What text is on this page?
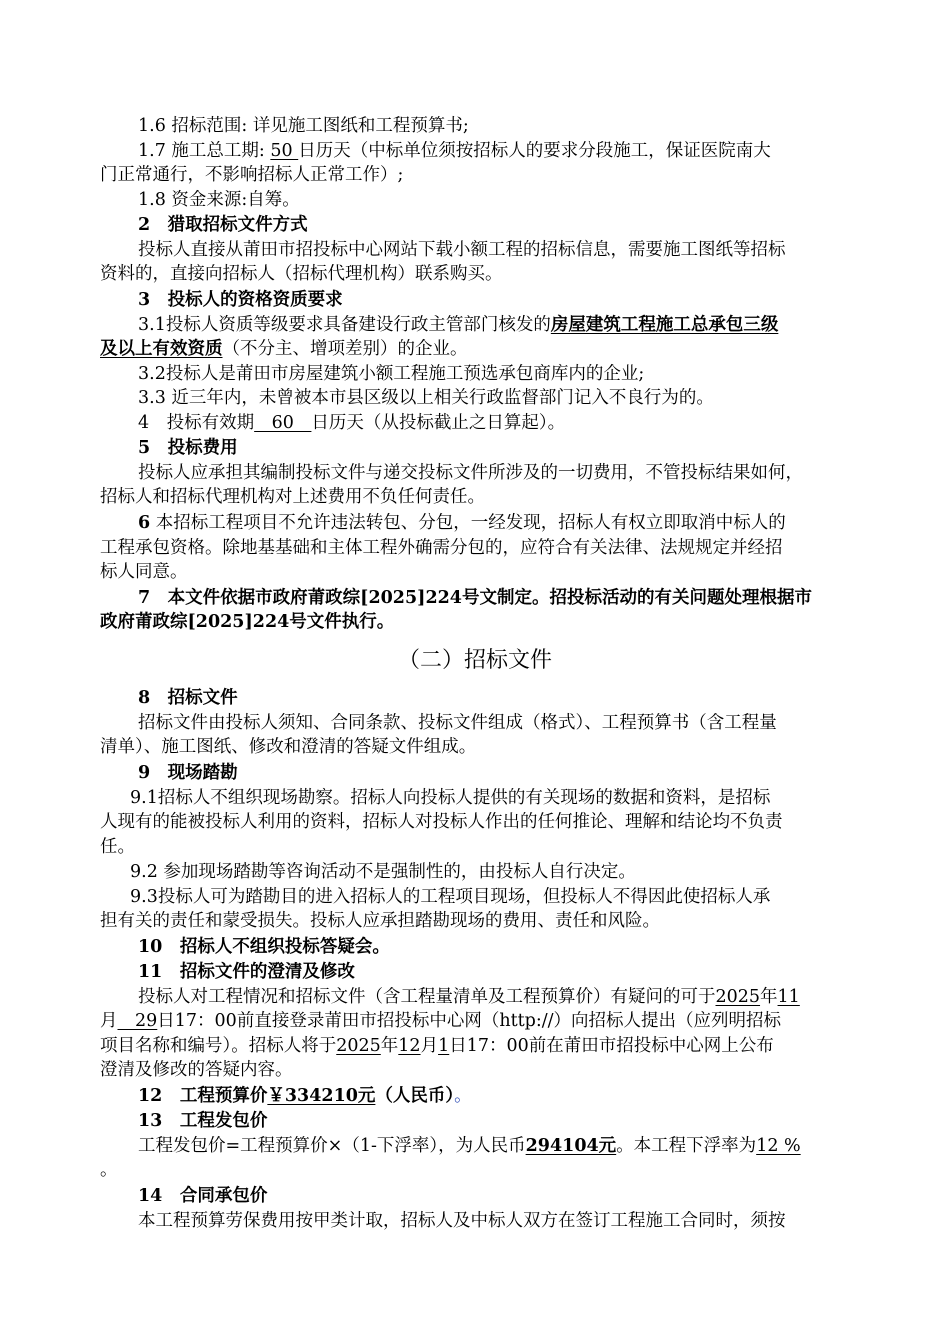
1.6 招标范围: 详见施工图纸和工程预算书;
1.7 施工总工期: 50 日历天（中标单位须按招标人的要求分段施工，保证医院南大
门正常通行，不影响招标人正常工作）;
1.8 资金来源:自筹。
2　猎取招标文件方式
投标人直接从莆田市招投标中心网站下载小额工程的招标信息，需要施工图纸等招标
资料的，直接向招标人（招标代理机构）联系购买。
3　投标人的资格资质要求
3.1投标人资质等级要求具备建设行政主管部门核发的房屋建筑工程施工总承包三级
及以上有效资质（不分主、增项差别）的企业。
3.2投标人是莆田市房屋建筑小额工程施工预选承包商库内的企业;
3.3 近三年内，未曾被本市县区级以上相关行政监督部门记入不良行为的。
4　投标有效期　60　日历天（从投标截止之日算起）。
5　投标费用
投标人应承担其编制投标文件与递交投标文件所涉及的一切费用，不管投标结果如何，
招标人和招标代理机构对上述费用不负任何责任。
6 本招标工程项目不允许违法转包、分包，一经发现，招标人有权立即取消中标人的
工程承包资格。除地基基础和主体工程外确需分包的，应符合有关法律、法规规定并经招
标人同意。
7　本文件依据市政府莆政综[2025]224号文制定。招投标活动的有关问题处理根据市
政府莆政综[2025]224号文件执行。
（二）招标文件
8　招标文件
招标文件由投标人须知、合同条款、投标文件组成（格式）、工程预算书（含工程量
清单）、施工图纸、修改和澄清的答疑文件组成。
9　现场踏勘
9.1招标人不组织现场勘察。招标人向投标人提供的有关现场的数据和资料，是招标
人现有的能被投标人利用的资料，招标人对投标人作出的任何推论、理解和结论均不负责
任。
9.2 参加现场踏勘等咨询活动不是强制性的，由投标人自行决定。
9.3投标人可为踏勘目的进入招标人的工程项目现场，但投标人不得因此使招标人承
担有关的责任和蒙受损失。投标人应承担踏勘现场的费用、责任和风险。
10　招标人不组织投标答疑会。
11　招标文件的澄清及修改
投标人对工程情况和招标文件（含工程量清单及工程预算价）有疑问的可于2025年11
月　29日17：00前直接登录莆田市招投标中心网（http://）向招标人提出（应列明招标
项目名称和编号）。招标人将于2025年12月1日17：00前在莆田市招投标中心网上公布
澄清及修改的答疑内容。
12　工程预算价￥334210元（人民币）。
13　工程发包价
工程发包价=工程预算价×（1-下浮率），为人民币294104元。本工程下浮率为12 %
。
14　合同承包价
本工程预算劳保费用按甲类计取，招标人及中标人双方在签订工程施工合同时，须按
